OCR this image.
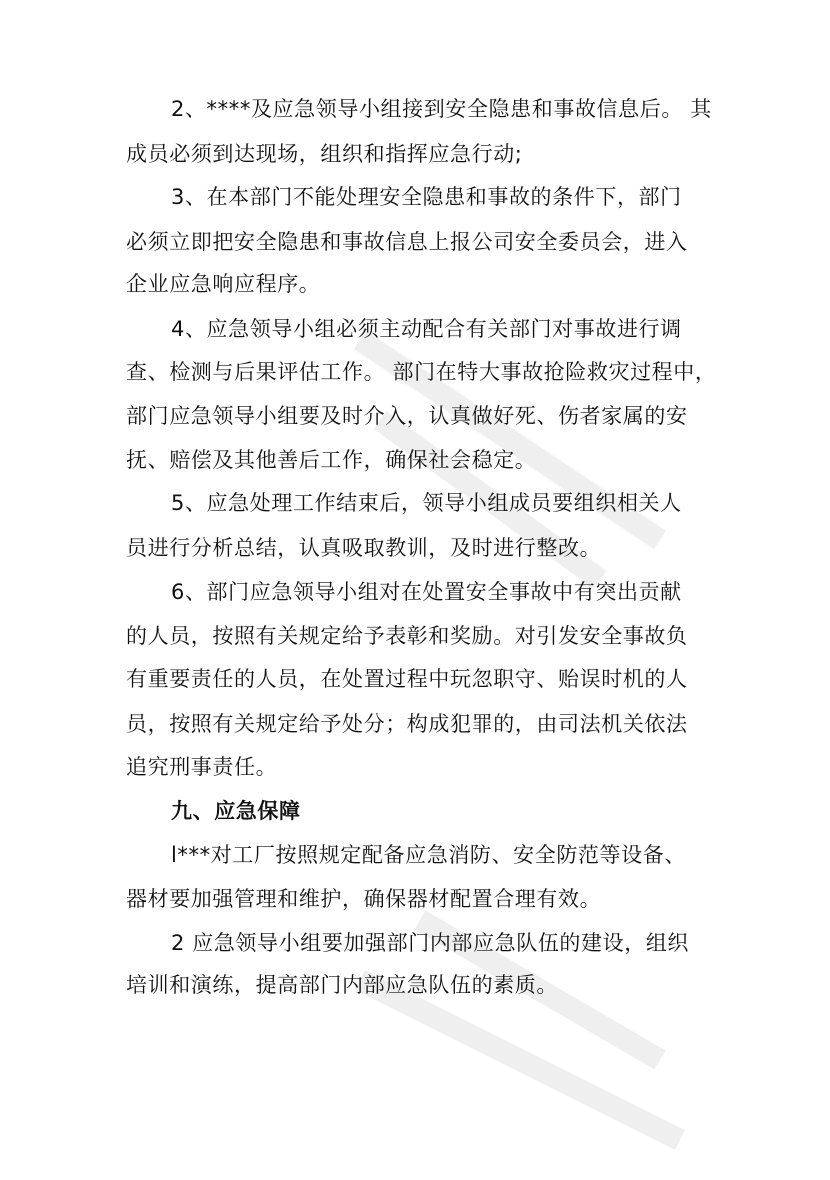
2、****及应急领导小组接到安全隐患和事故信息后。 其

成员必须到达现场，组织和指挥应急行动;

3、在本部门不能处理安全隐患和事故的条件下，部门

必须立即把安全隐患和事故信息上报公司安全委员会，进入

企业应急响应程序。

4、应急领导小组必须主动配合有关部门对事故进行调

查、检测与后果评估工作。 部门在特大事故抢险救灾过程中，

部门应急领导小组要及时介入，认真做好死、伤者家属的安

抚、赔偿及其他善后工作，确保社会稳定。

5、应急处理工作结束后，领导小组成员要组织相关人

员进行分析总结，认真吸取教训，及时进行整改。

6、部门应急领导小组对在处置安全事故中有突出贡献

的人员，按照有关规定给予表彰和奖励。对引发安全事故负

有重要责任的人员，在处置过程中玩忽职守、贻误时机的人

员，按照有关规定给予处分；构成犯罪的，由司法机关依法

追究刑事责任。

九、应急保障

l***对工厂按照规定配备应急消防、安全防范等设备、

器材要加强管理和维护，确保器材配置合理有效。

2 应急领导小组要加强部门内部应急队伍的建设，组织

培训和演练，提高部门内部应急队伍的素质。
